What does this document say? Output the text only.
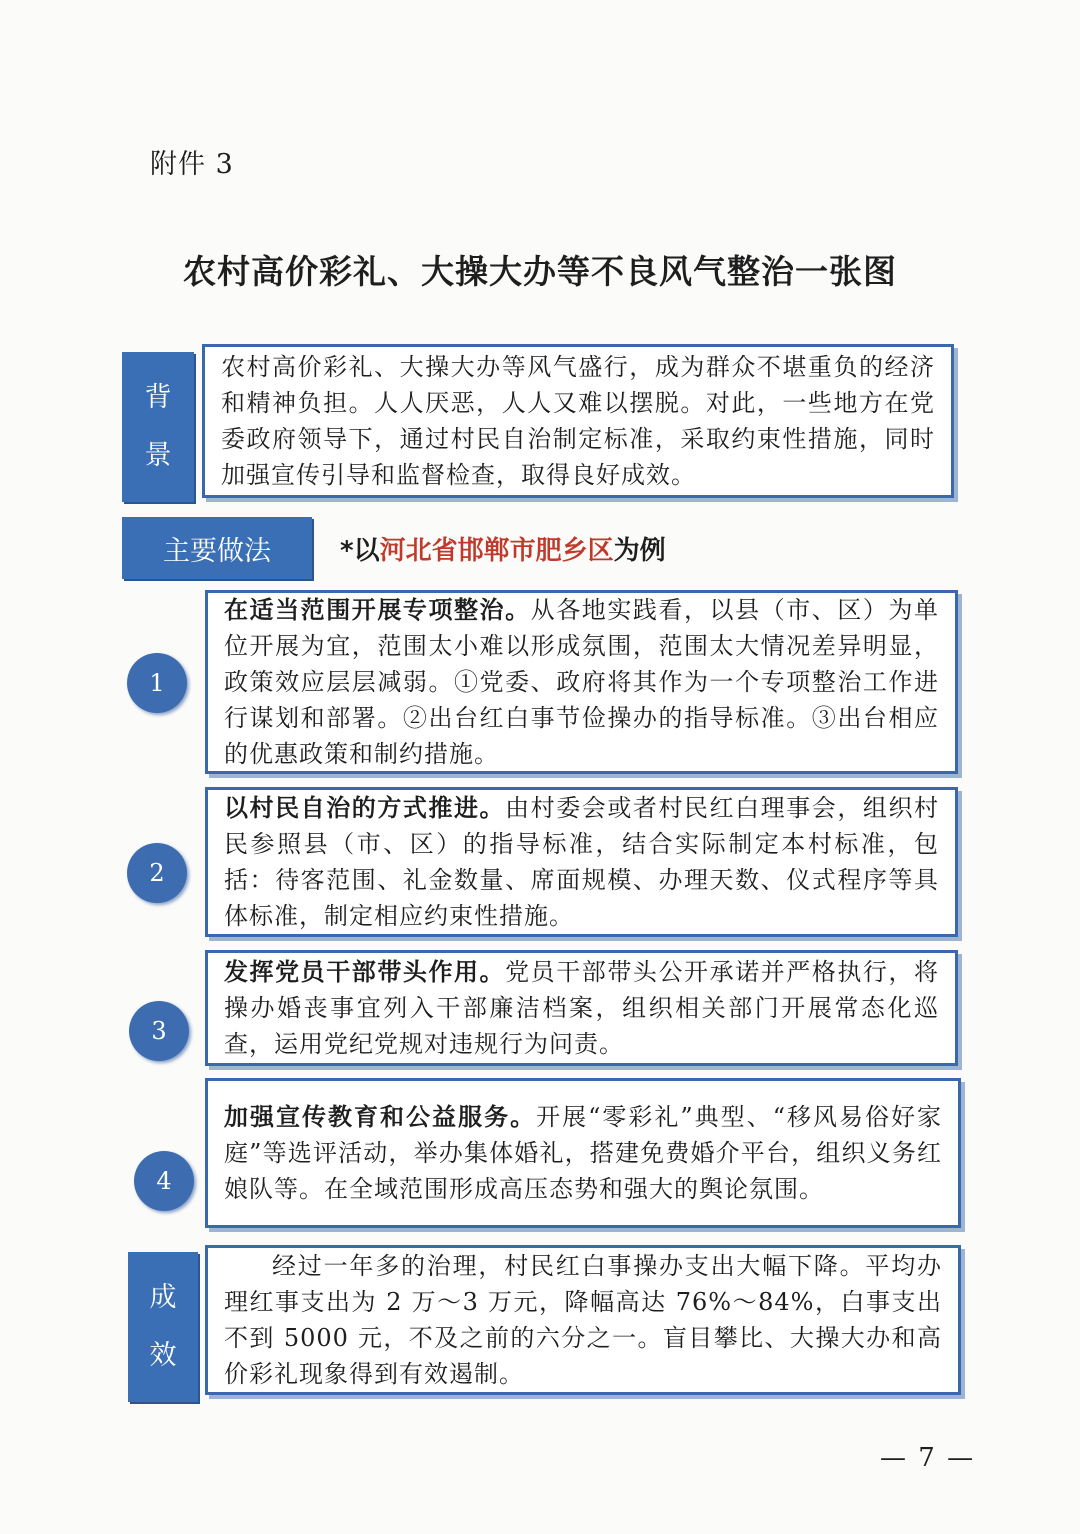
附件 3
农村高价彩礼、大操大办等不良风气整治一张图
背
景

农村高价彩礼、大操大办等风气盛行，成为群众不堪重负的经济和精神负担。人人厌恶，人人又难以摆脱。对此，一些地方在党委政府领导下，通过村民自治制定标准，采取约束性措施，同时加强宣传引导和监督检查，取得良好成效。

主要做法	*以河北省邯郸市肥乡区为例
1

在适当范围开展专项整治。从各地实践看，以县（市、区）为单位开展为宜，范围太小难以形成氛围，范围太大情况差异明显，政策效应层层减弱。①党委、政府将其作为一个专项整治工作进行谋划和部署。②出台红白事节俭操办的指导标准。③出台相应的优惠政策和制约措施。

2

以村民自治的方式推进。由村委会或者村民红白理事会，组织村民参照县（市、区）的指导标准，结合实际制定本村标准，包括：待客范围、礼金数量、席面规模、办理天数、仪式程序等具体标准，制定相应约束性措施。

3

发挥党员干部带头作用。党员干部带头公开承诺并严格执行，将操办婚丧事宜列入干部廉洁档案，组织相关部门开展常态化巡查，运用党纪党规对违规行为问责。

4

加强宣传教育和公益服务。开展“零彩礼”典型、“移风易俗好家庭”等选评活动，举办集体婚礼，搭建免费婚介平台，组织义务红娘队等。在全域范围形成高压态势和强大的舆论氛围。

成
效

经过一年多的治理，村民红白事操办支出大幅下降。平均办理红事支出为 2 万～3 万元，降幅高达 76%～84%，白事支出不到 5000 元，不及之前的六分之一。盲目攀比、大操大办和高价彩礼现象得到有效遏制。

— 7 —
